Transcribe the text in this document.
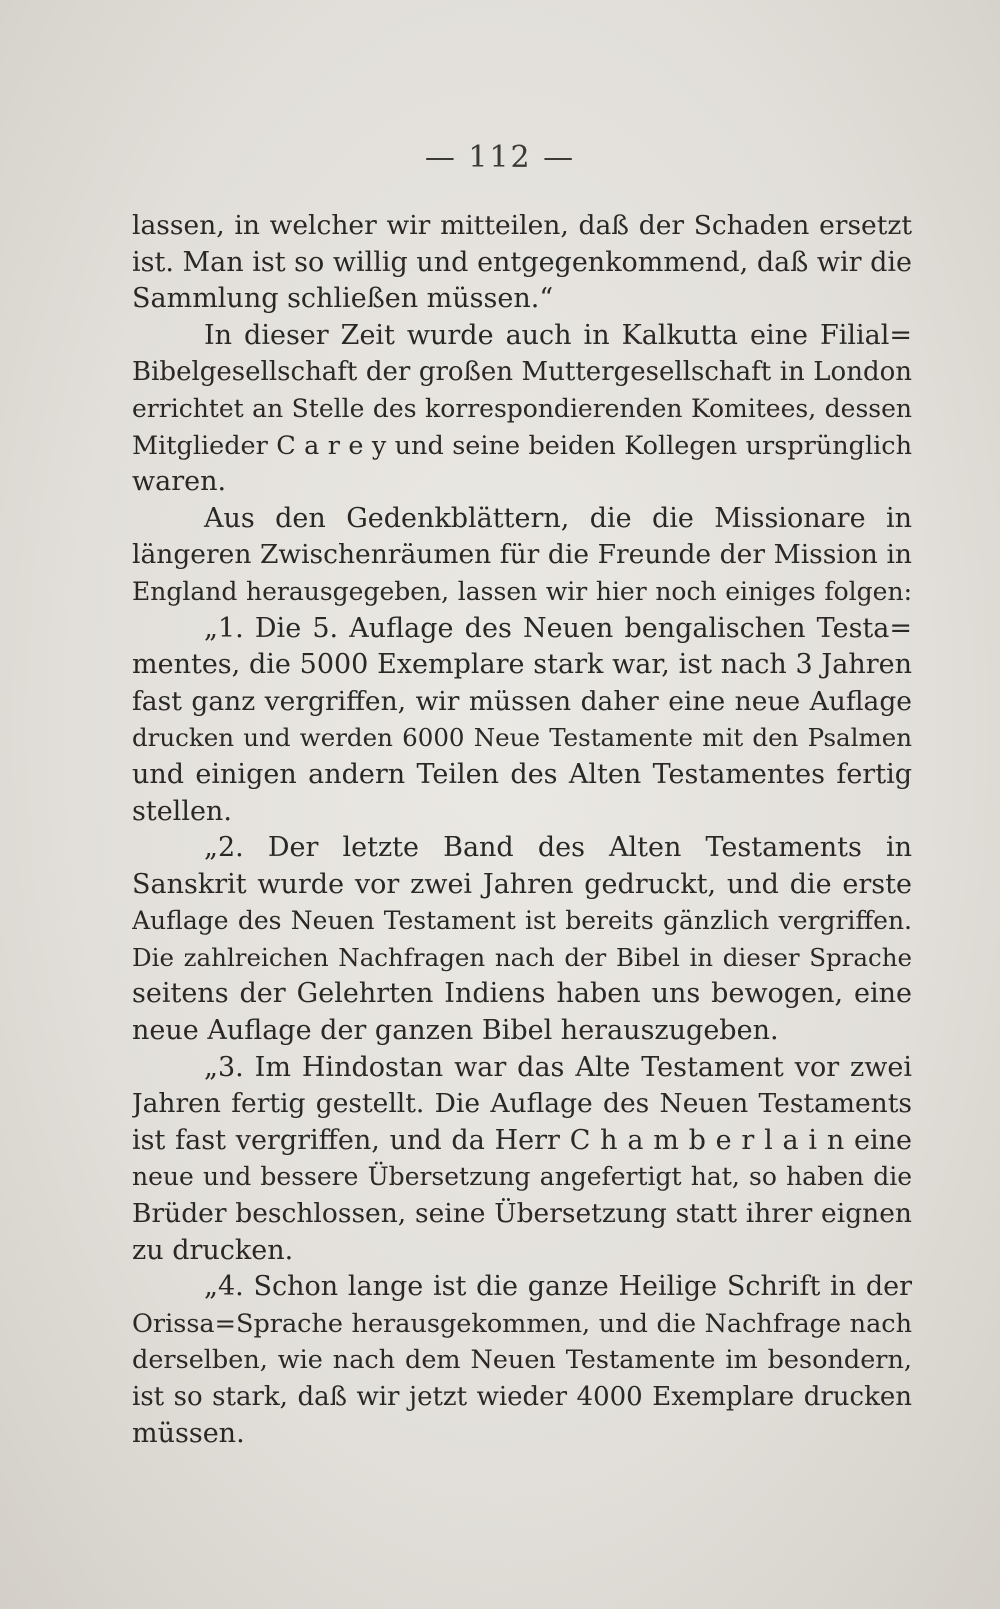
— 112 —
lassen, in welcher wir mitteilen, daß der Schaden ersetzt
ist. Man ist so willig und entgegenkommend, daß wir die
Sammlung schließen müssen.“
In dieser Zeit wurde auch in Kalkutta eine Filial=
Bibelgesellschaft der großen Muttergesellschaft in London
errichtet an Stelle des korrespondierenden Komitees, dessen
Mitglieder C a r e y und seine beiden Kollegen ursprünglich
waren.
Aus den Gedenkblättern, die die Missionare in
längeren Zwischenräumen für die Freunde der Mission in
England herausgegeben, lassen wir hier noch einiges folgen:
„1. Die 5. Auflage des Neuen bengalischen Testa=
mentes, die 5000 Exemplare stark war, ist nach 3 Jahren
fast ganz vergriffen, wir müssen daher eine neue Auflage
drucken und werden 6000 Neue Testamente mit den Psalmen
und einigen andern Teilen des Alten Testamentes fertig
stellen.
„2. Der letzte Band des Alten Testaments in
Sanskrit wurde vor zwei Jahren gedruckt, und die erste
Auflage des Neuen Testament ist bereits gänzlich vergriffen.
Die zahlreichen Nachfragen nach der Bibel in dieser Sprache
seitens der Gelehrten Indiens haben uns bewogen, eine
neue Auflage der ganzen Bibel herauszugeben.
„3. Im Hindostan war das Alte Testament vor zwei
Jahren fertig gestellt. Die Auflage des Neuen Testaments
ist fast vergriffen, und da Herr C h a m b e r l a i n eine
neue und bessere Übersetzung angefertigt hat, so haben die
Brüder beschlossen, seine Übersetzung statt ihrer eignen
zu drucken.
„4. Schon lange ist die ganze Heilige Schrift in der
Orissa=Sprache herausgekommen, und die Nachfrage nach
derselben, wie nach dem Neuen Testamente im besondern,
ist so stark, daß wir jetzt wieder 4000 Exemplare drucken
müssen.
